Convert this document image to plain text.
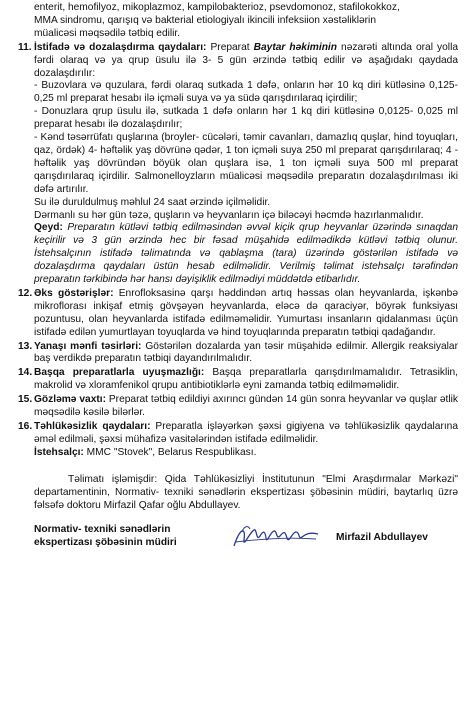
enterit, hemofilyoz, mikoplazmoz, kampilobakterioz, psevdomonoz, stafilokokkoz,
MMA sindromu, qarışıq və bakterial etiologiyalı ikincili infeksiion xəstəliklərin
müalicəsi məqsədilə tətbiq edilir.
11. İstifadə və dozalaşdırma qaydaları: Preparat Baytar həkiminin nəzarəti altında oral yolla fərdi olaraq və ya qrup üsulu ilə 3- 5 gün ərzində tətbiq edilir və aşağıdakı qaydada dozalaşdırılır:

- Buzovlara və quzulara, fərdi olaraq sutkada 1 dəfə, onların hər 10 kq diri kütləsinə 0,125- 0,25 ml preparat hesabı ilə içməli suya və ya südə qarışdırılaraq içirdilir;

- Donuzlara qrup üsulu ilə, sutkada 1 dəfə onların hər 1 kq diri kütləsinə 0,0125- 0,025 ml preparat hesabı ilə dozalaşdırılır;

- Kənd təsərrüfatı quşlarına (broyler- cücələri, təmir cavanları, damazlıq quşlar, hind toyuqları, qaz, ördək) 4- həftəlik yaş dövrünə qədər, 1 ton içməli suya 250 ml preparat qarışdırılaraq; 4 - həftəlik yaş dövründən böyük olan quşlara isə, 1 ton içməli suya 500 ml preparat qarışdırılaraq içirdilir. Salmonelloyzların müalicəsi məqsədilə preparatın dozalaşdırılması iki dəfə artırılır.

Su ilə duruldulmuş məhlul 24 saat ərzində içilməlidir.

Dərmanlı su hər gün təzə, quşların və heyvanların içə biləcəyi həcmdə hazırlanmalıdır.

Qeyd: Preparatın kütləvi tətbiq edilməsindən əvvəl kiçik qrup heyvanlar üzərində sınaqdan keçirilir və 3 gün ərzində hec bir fəsad müşahidə edilmədikdə kütləvi tətbiq olunur. İstehsalçının istifadə təlimatında və qablaşma (tara) üzərində göstərilən istifadə və dozalaşdırma qaydaları üstün hesab edilməlidir. Verilmiş təlimat istehsalçı tərəfindən preparatın tərkibində hər hansı dəyişiklik edilmədiyi müddətdə etibarlıdır.

12. Əks göstərişlər: Enrofloksasinə qarşı həddindən artıq həssas olan heyvanlarda, işkənbə mikroflorası inkişaf etmiş gövşəyən heyvanlarda, eləcə də qaraciyər, böyrək funksiyası pozuntusu, olan heyvanlarda istifadə edilməməlidir. Yumurtası insanların qidalanması üçün istifadə edilən yumurtlayan toyuqlarda və hind toyuqlarında preparatın tətbiqi qadağandır.

13. Yanaşı mənfi təsirləri: Göstərilən dozalarda yan təsir müşahidə edilmir. Allergik reaksiyalar baş verdikdə preparatın tətbiqi dayandırılmalıdır.

14. Başqa preparatlarla uyuşmazlığı: Başqa preparatlarla qarışdırılmamalıdır. Tetrasiklin, makrolid və xloramfenikol qrupu antibiotiklərlə eyni zamanda tətbiq edilməməlidir.

15. Gözləmə vaxtı: Preparat tətbiq edildiyi axırıncı gündən 14 gün sonra heyvanlar və quşlar ətlik məqsədilə kəsilə bilərlər.

16. Təhlükəsizlik qaydaları: Preparatla işləyərkən şəxsi gigiyena və təhlükəsizlik qaydalarına əməl edilməli, şəxsi mühafizə vasitələrindən istifadə edilməlidir.

İstehsalçı: MMC "Stovek", Belarus Respublikası.

Təlimatı işləmişdir: Qida Təhlükəsizliyi İnstitutunun "Elmi Araşdırmalar Mərkəzi" departamentinin, Normativ- texniki sənədlərin ekspertizası şöbəsinin müdiri, baytarlıq üzrə fəlsəfə doktoru Mirfazil Qafar oğlu Abdullayev.

Normativ- texniki sənədlərin ekspertizası şöbəsinin müdiri	Mirfazil Abdullayev
